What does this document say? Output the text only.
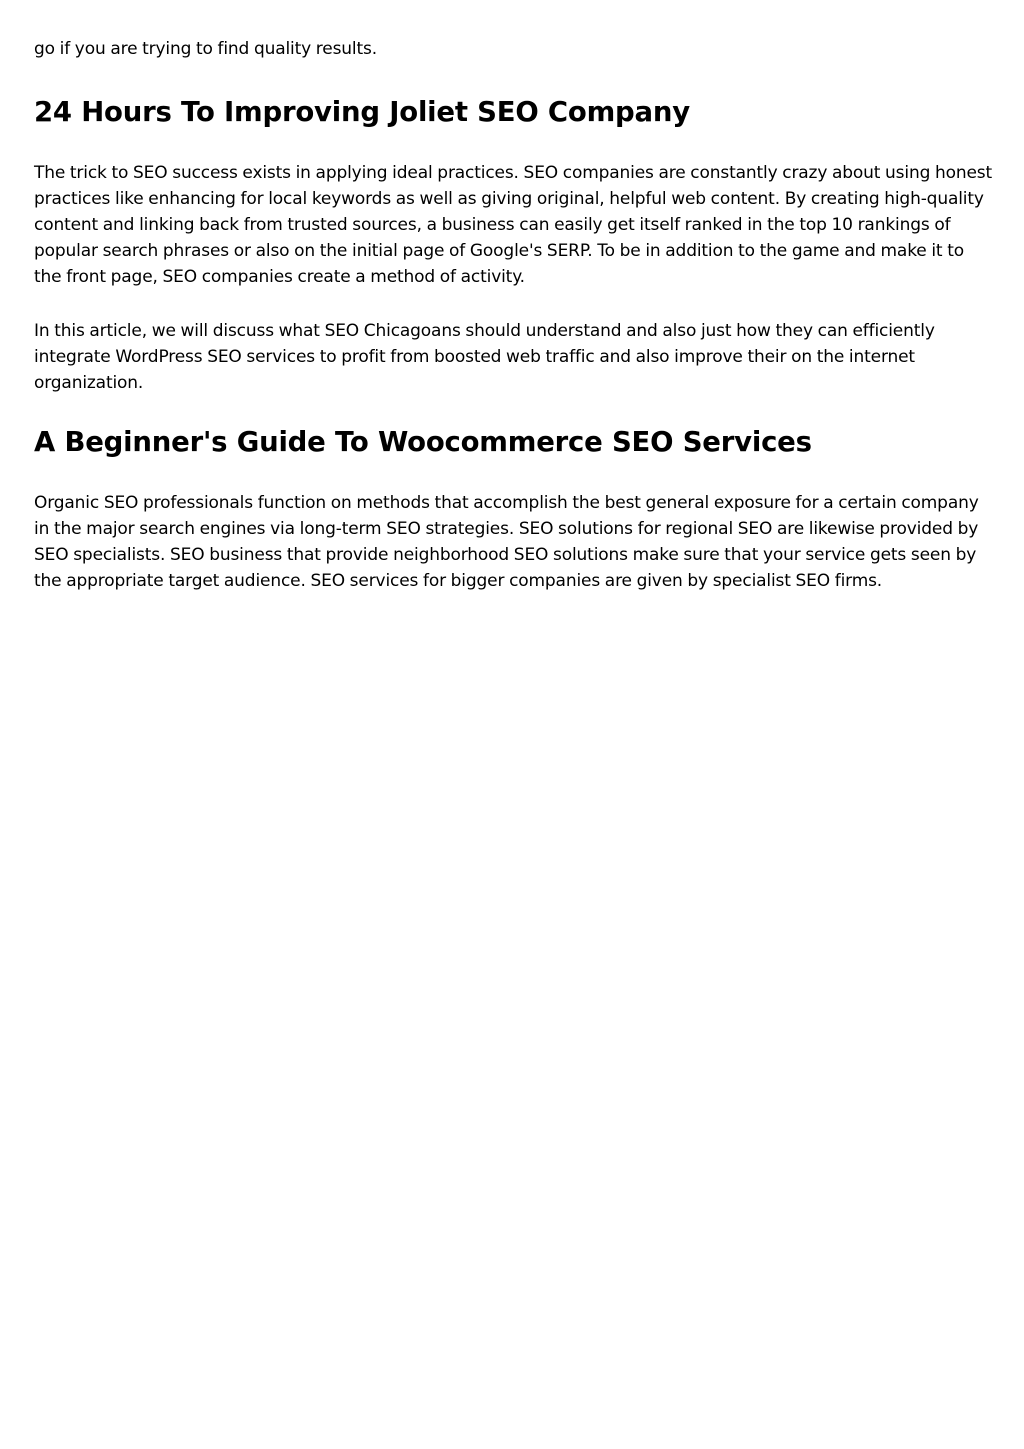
go if you are trying to find quality results.

24 Hours To Improving Joliet SEO Company

The trick to SEO success exists in applying ideal practices. SEO companies are constantly crazy about using honest practices like enhancing for local keywords as well as giving original, helpful web content. By creating high-quality content and linking back from trusted sources, a business can easily get itself ranked in the top 10 rankings of popular search phrases or also on the initial page of Google's SERP. To be in addition to the game and make it to the front page, SEO companies create a method of activity.

In this article, we will discuss what SEO Chicagoans should understand and also just how they can efficiently integrate WordPress SEO services to profit from boosted web traffic and also improve their on the internet organization.

A Beginner's Guide To Woocommerce SEO Services

Organic SEO professionals function on methods that accomplish the best general exposure for a certain company in the major search engines via long-term SEO strategies. SEO solutions for regional SEO are likewise provided by SEO specialists. SEO business that provide neighborhood SEO solutions make sure that your service gets seen by the appropriate target audience. SEO services for bigger companies are given by specialist SEO firms.
